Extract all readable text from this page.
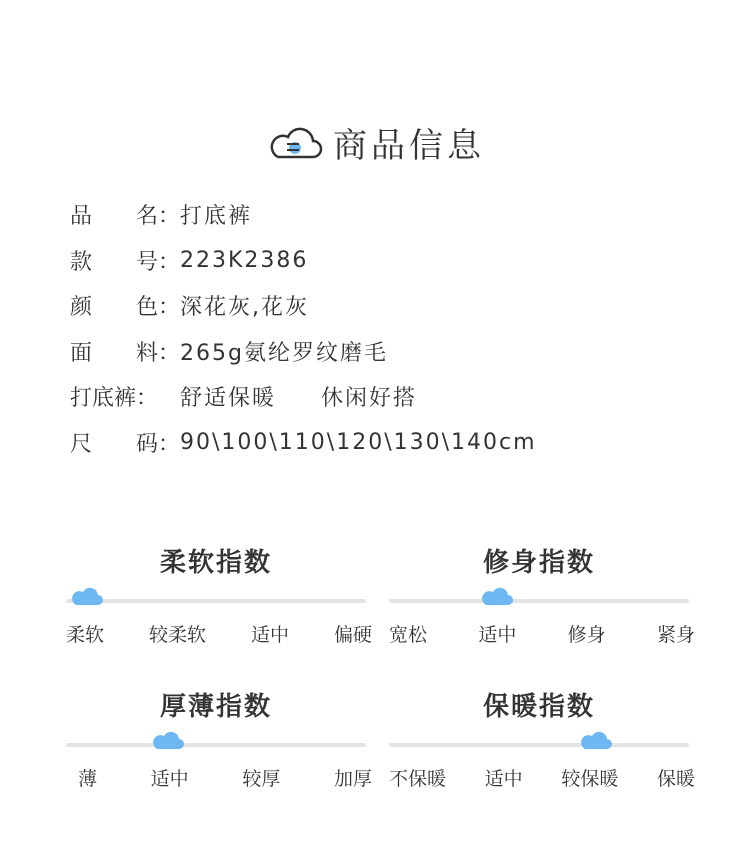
商品信息
品 名： 打底裤
款 号： 223K2386
颜 色： 深花灰,花灰
面 料： 265g氨纶罗纹磨毛
打底裤： 舒适保暖     休闲好搭
尺 码： 90\100\110\120\130\140cm
柔软指数
柔软 较柔软 适中 偏硬
修身指数
宽松	适中	修身	紧身
厚薄指数
薄	适中	较厚	加厚
保暖指数
不保暖 适中 较保暖 保暖
